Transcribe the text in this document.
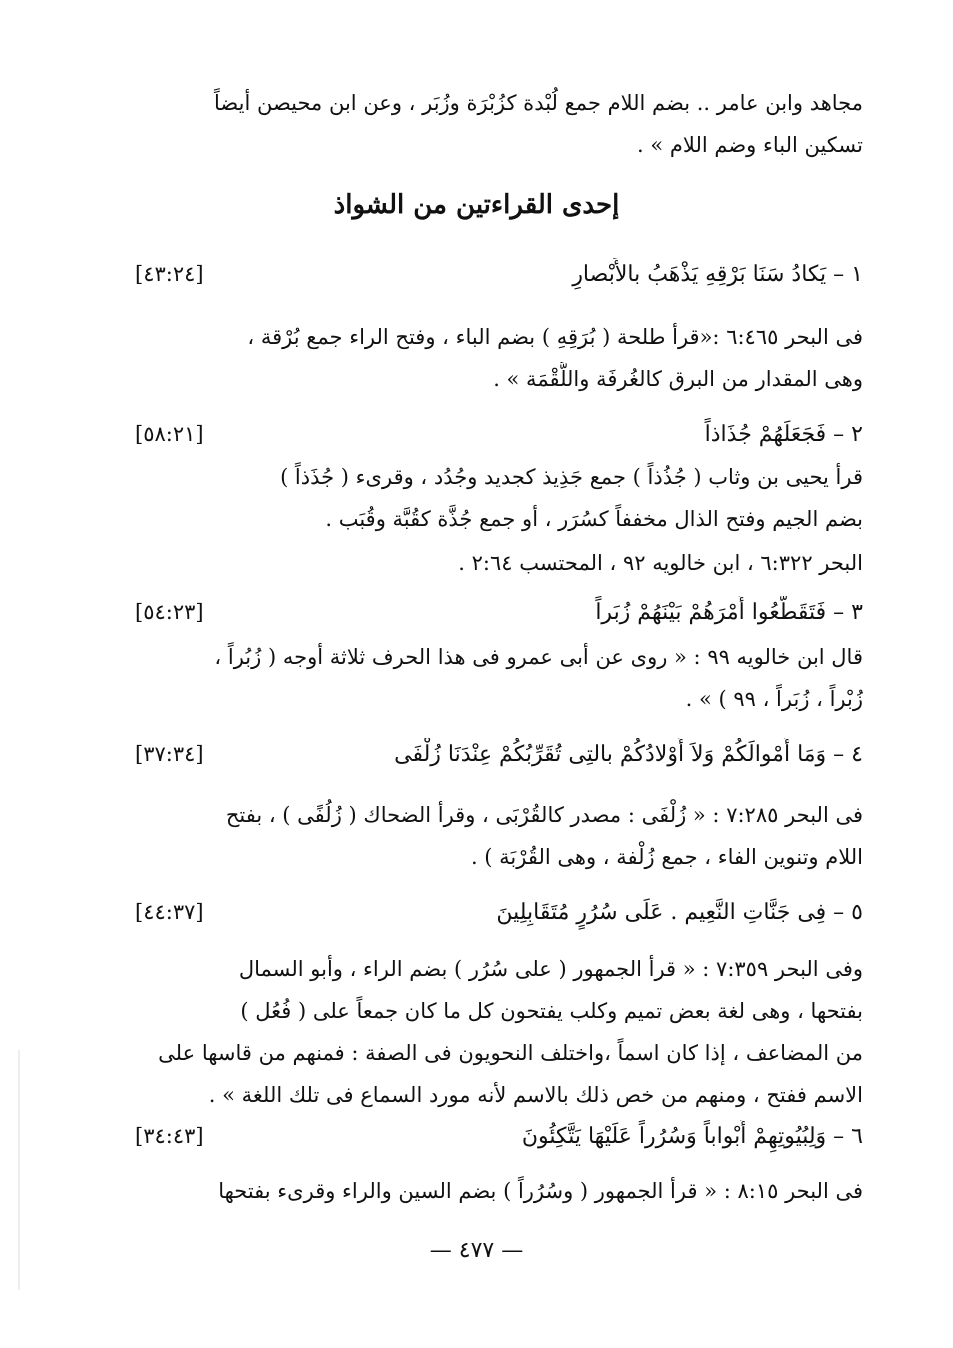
مجاهد وابن عامر .. بضم اللام جمع لُبْدة كزُبْرَة وزُبَر ، وعن ابن محيصن أيضاً
تسكين الباء وضم اللام » .
إحدى القراءتين من الشواذ
١ – يَكادُ سَنَا بَرْقِهِ يَذْهَبُ بالأَبْصارِ
[٤٣:٢٤]
فى البحر ٦:٤٦٥ :«قرأ طلحة ( بُرَقِهِ ) بضم الباء ، وفتح الراء جمع بُرْقة ،
وهى المقدار من البرق كالغُرفَة واللُّقْمَة » .
٢ – فَجَعَلَهُمْ جُذَاذاً
[٥٨:٢١]
قرأ يحيى بن وثاب ( جُذُذاً ) جمع جَذِيذ كجديد وجُدُد ، وقرىء ( جُذَذاً )
بضم الجيم وفتح الذال مخففاً كسُرَر ، أو جمع جُذَّة كقُبَّة وقُبَب .
البحر ٦:٣٢٢ ، ابن خالويه ٩٢ ، المحتسب ٢:٦٤ .
٣ – فَتَقَطَّعُوا أَمْرَهُمْ بَيْنَهُمْ زُبَراً
[٥٤:٢٣]
قال ابن خالويه ٩٩ : « روى عن أبى عمرو فى هذا الحرف ثلاثة أوجه ( زُبُراً ،
زُبْراً ، زُبَراً ، ٩٩ ) » .
٤ – وَمَا أَمْوالَكُمْ وَلاَ أَوْلادُكُمْ بالتِى تُقَرِّبُكُمْ عِنْدَنَا زُلْفَى
[٣٧:٣٤]
فى البحر ٧:٢٨٥ : « زُلْفَى : مصدر كالقُرْبَى ، وقرأ الضحاك ( زُلُفًى ) ، بفتح
اللام وتنوين الفاء ، جمع زُلْفة ، وهى القُرْبَة ) .
٥ – فِى جَنَّاتِ النَّعِيم . عَلَى سُرُرٍ مُتَقَابِلِينَ
[٤٤:٣٧]
وفى البحر ٧:٣٥٩ : « قرأ الجمهور ( على سُرُر ) بضم الراء ، وأبو السمال
بفتحها ، وهى لغة بعض تميم وكلب يفتحون كل ما كان جمعاً على ( فُعُل )
من المضاعف ، إذا كان اسماً ،واختلف النحويون فى الصفة : فمنهم من قاسها على
الاسم ففتح ، ومنهم من خص ذلك بالاسم لأنه مورد السماع فى تلك اللغة » .
٦ – وَلِبُيُوتِهِمْ أَبْواباً وَسُرُراً عَلَيْهَا يَتَّكِئُونَ
[٣٤:٤٣]
فى البحر ٨:١٥ : « قرأ الجمهور ( وسُرُراً ) بضم السين والراء وقرىء بفتحها
— ٤٧٧ —
